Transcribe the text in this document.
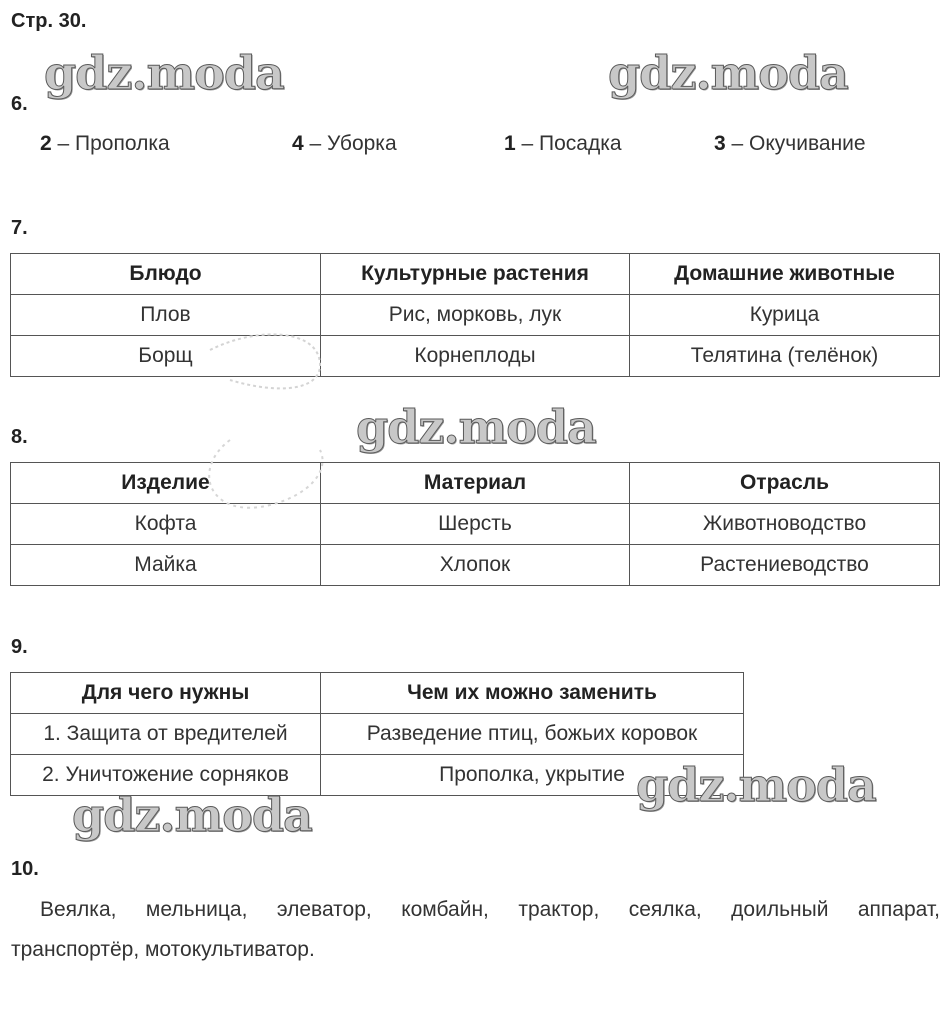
Стр. 30.
6.
2 – Прополка	4 – Уборка	1 – Посадка	3 – Окучивание
7.
Блюдо	Культурные растения	Домашние животные
Плов	Рис, морковь, лук	Курица
Борщ	Корнеплоды	Телятина (телёнок)
8.
Изделие	Материал	Отрасль
Кофта	Шерсть	Животноводство
Майка	Хлопок	Растениеводство
9.
Для чего нужны	Чем их можно заменить
1. Защита от вредителей	Разведение птиц, божьих коровок
2. Уничтожение сорняков	Прополка, укрытие
10.
Веялка, мельница, элеватор, комбайн, трактор, сеялка, доильный аппарат,
транспортёр, мотокультиватор.
gdz.moda	gdz.moda
gdz.moda
gdz.moda
gdz.moda
